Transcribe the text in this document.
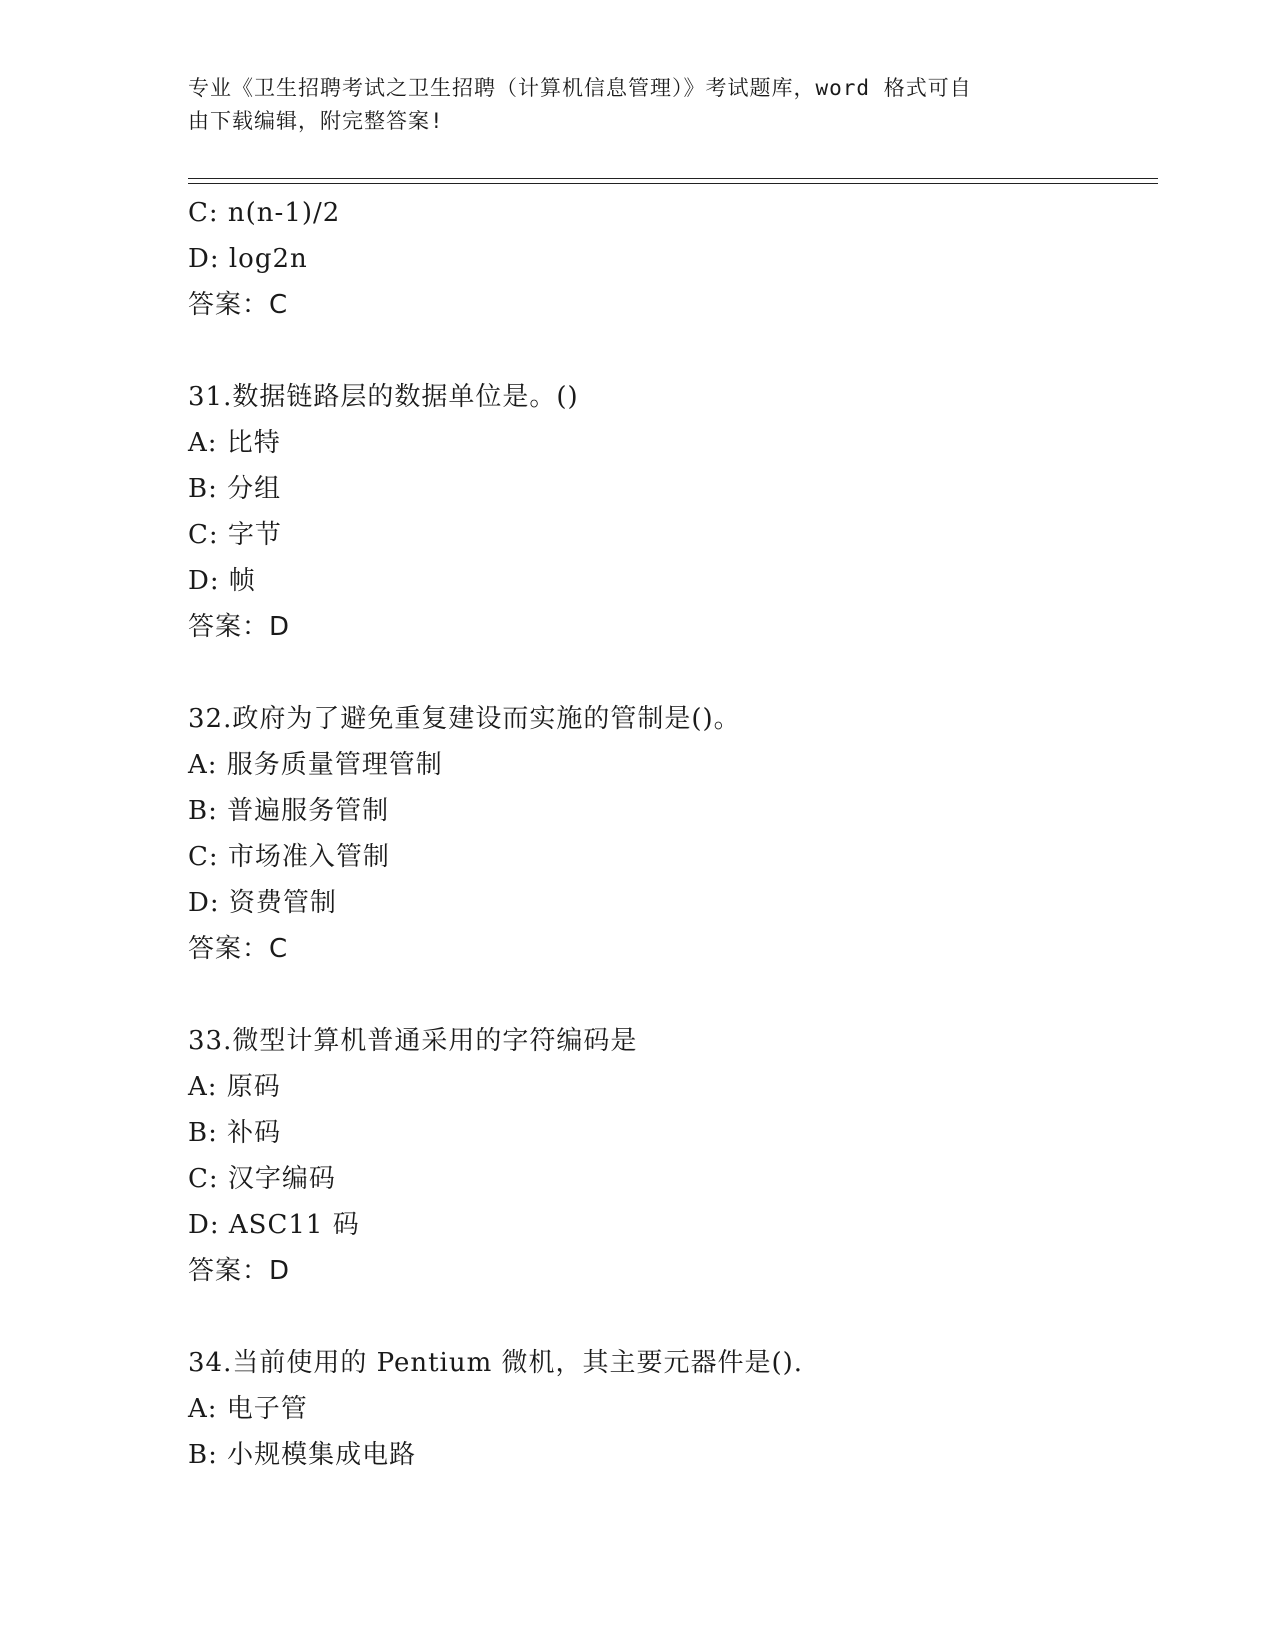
专业《卫生招聘考试之卫生招聘（计算机信息管理）》考试题库，word 格式可自
由下载编辑，附完整答案!
C: n(n-1)/2
D: log2n
答案：C
31.数据链路层的数据单位是。()
A: 比特
B: 分组
C: 字节
D: 帧
答案：D
32.政府为了避免重复建设而实施的管制是()。
A: 服务质量管理管制
B: 普遍服务管制
C: 市场准入管制
D: 资费管制
答案：C
33.微型计算机普通采用的字符编码是
A: 原码
B: 补码
C: 汉字编码
D: ASC11 码
答案：D
34.当前使用的 Pentium 微机，其主要元器件是().
A: 电子管
B: 小规模集成电路
